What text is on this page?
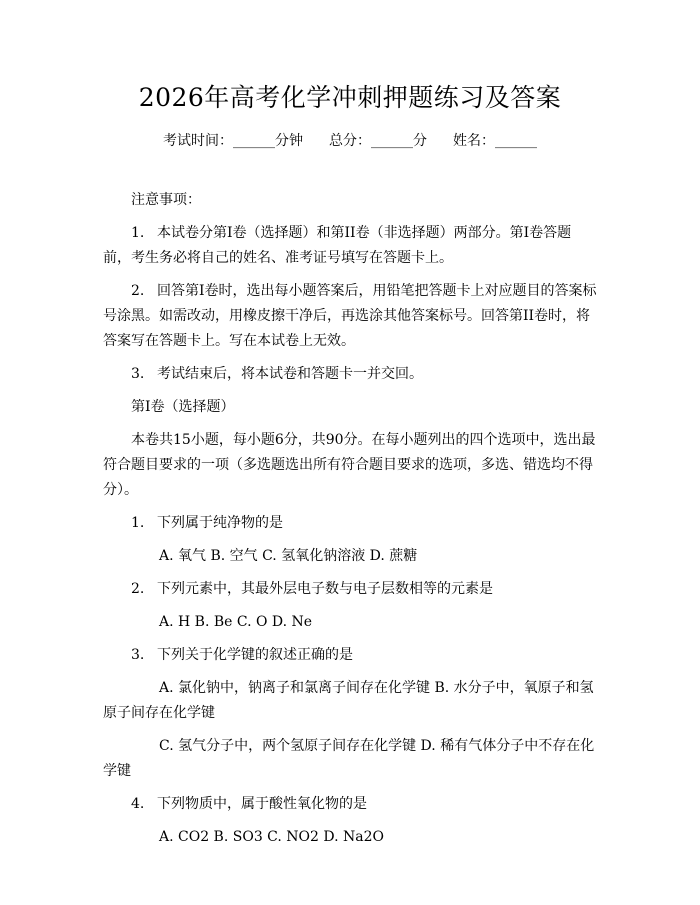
2026年高考化学冲刺押题练习及答案
考试时间：______分钟 总分：______分 姓名：______
注意事项：
1. 本试卷分第Ⅰ卷（选择题）和第II卷（非选择题）两部分。第Ⅰ卷答题前，考生务必将自己的姓名、准考证号填写在答题卡上。
2. 回答第Ⅰ卷时，选出每小题答案后，用铅笔把答题卡上对应题目的答案标号涂黑。如需改动，用橡皮擦干净后，再选涂其他答案标号。回答第II卷时，将答案写在答题卡上。写在本试卷上无效。
3. 考试结束后，将本试卷和答题卡一并交回。
第Ⅰ卷（选择题）
本卷共15小题，每小题6分，共90分。在每小题列出的四个选项中，选出最符合题目要求的一项（多选题选出所有符合题目要求的选项，多选、错选均不得分）。
1. 下列属于纯净物的是
A. 氧气 B. 空气 C. 氢氧化钠溶液 D. 蔗糖
2. 下列元素中，其最外层电子数与电子层数相等的元素是
A. H B. Be C. O D. Ne
3. 下列关于化学键的叙述正确的是
A. 氯化钠中，钠离子和氯离子间存在化学键 B. 水分子中，氧原子和氢原子间存在化学键
C. 氢气分子中，两个氢原子间存在化学键 D. 稀有气体分子中不存在化学键
4. 下列物质中，属于酸性氧化物的是
A. CO2 B. SO3 C. NO2 D. Na2O
